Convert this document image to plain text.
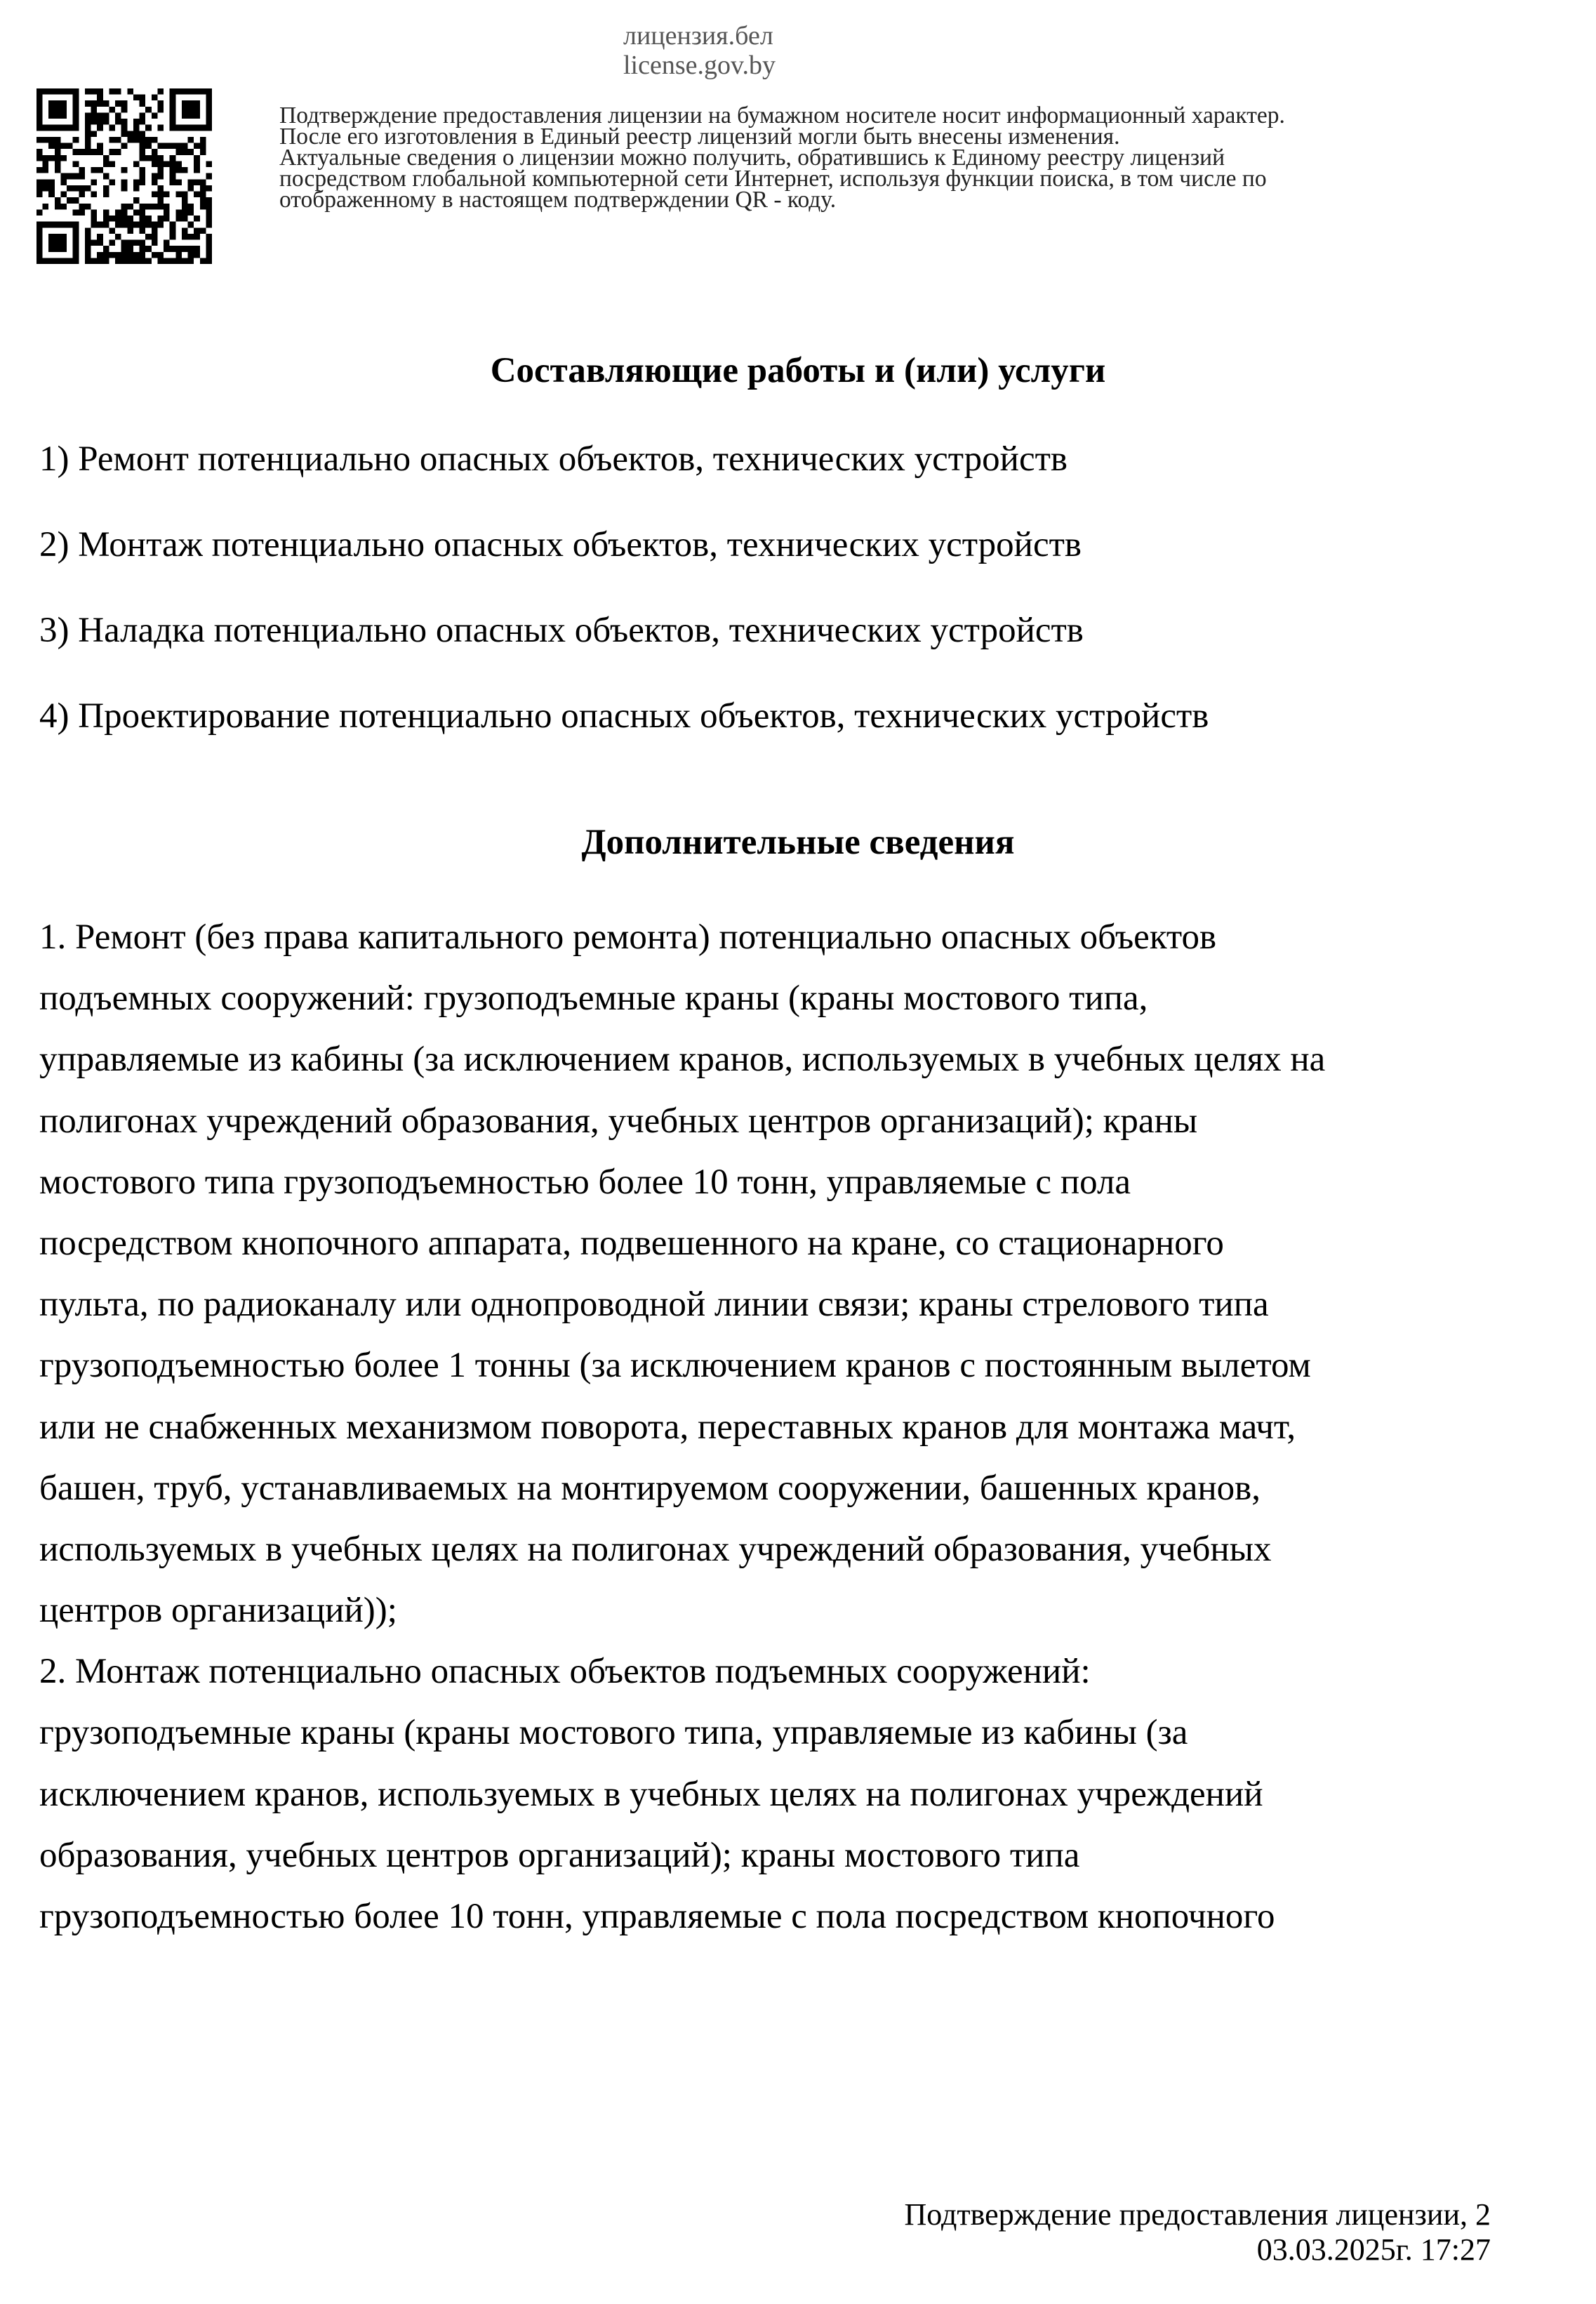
лицензия.бел
license.gov.by
Подтверждение предоставления лицензии на бумажном носителе носит информационный характер.
После его изготовления в Единый реестр лицензий могли быть внесены изменения.
Актуальные сведения о лицензии можно получить, обратившись к Единому реестру лицензий
посредством глобальной компьютерной сети Интернет, используя функции поиска, в том числе по
отображенному в настоящем подтверждении QR - коду.
Составляющие работы и (или) услуги
1) Ремонт потенциально опасных объектов, технических устройств
2) Монтаж потенциально опасных объектов, технических устройств
3) Наладка потенциально опасных объектов, технических устройств
4) Проектирование потенциально опасных объектов, технических устройств
Дополнительные сведения
1. Ремонт (без права капитального ремонта) потенциально опасных объектов
подъемных сооружений: грузоподъемные краны (краны мостового типа,
управляемые из кабины (за исключением кранов, используемых в учебных целях на
полигонах учреждений образования, учебных центров организаций); краны
мостового типа грузоподъемностью более 10 тонн, управляемые с пола
посредством кнопочного аппарата, подвешенного на кране, со стационарного
пульта, по радиоканалу или однопроводной линии связи; краны стрелового типа
грузоподъемностью более 1 тонны (за исключением кранов с постоянным вылетом
или не снабженных механизмом поворота, переставных кранов для монтажа мачт,
башен, труб, устанавливаемых на монтируемом сооружении, башенных кранов,
используемых в учебных целях на полигонах учреждений образования, учебных
центров организаций));
2. Монтаж потенциально опасных объектов подъемных сооружений:
грузоподъемные краны (краны мостового типа, управляемые из кабины (за
исключением кранов, используемых в учебных целях на полигонах учреждений
образования, учебных центров организаций); краны мостового типа
грузоподъемностью более 10 тонн, управляемые с пола посредством кнопочного
Подтверждение предоставления лицензии, 2
03.03.2025г. 17:27
